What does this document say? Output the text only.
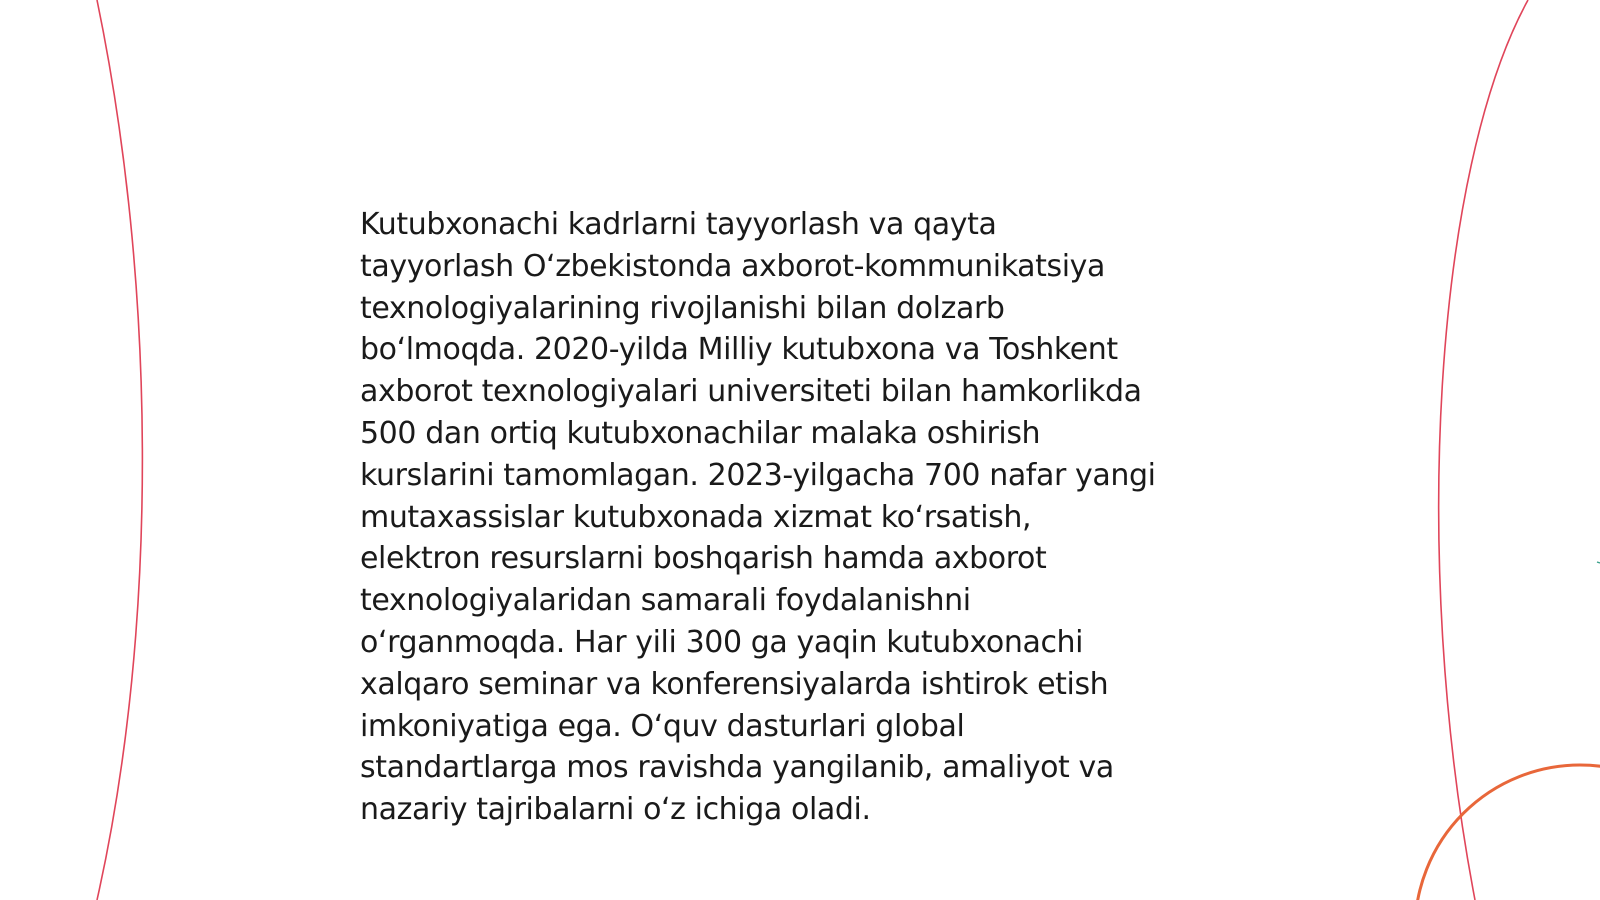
Kutubxonachi kadrlarni tayyorlash va qayta
tayyorlash O‘zbekistonda axborot-kommunikatsiya
texnologiyalarining rivojlanishi bilan dolzarb
bo‘lmoqda. 2020-yilda Milliy kutubxona va Toshkent
axborot texnologiyalari universiteti bilan hamkorlikda
500 dan ortiq kutubxonachilar malaka oshirish
kurslarini tamomlagan. 2023-yilgacha 700 nafar yangi
mutaxassislar kutubxonada xizmat ko‘rsatish,
elektron resurslarni boshqarish hamda axborot
texnologiyalaridan samarali foydalanishni
o‘rganmoqda. Har yili 300 ga yaqin kutubxonachi
xalqaro seminar va konferensiyalarda ishtirok etish
imkoniyatiga ega. O‘quv dasturlari global
standartlarga mos ravishda yangilanib, amaliyot va
nazariy tajribalarni o‘z ichiga oladi.
